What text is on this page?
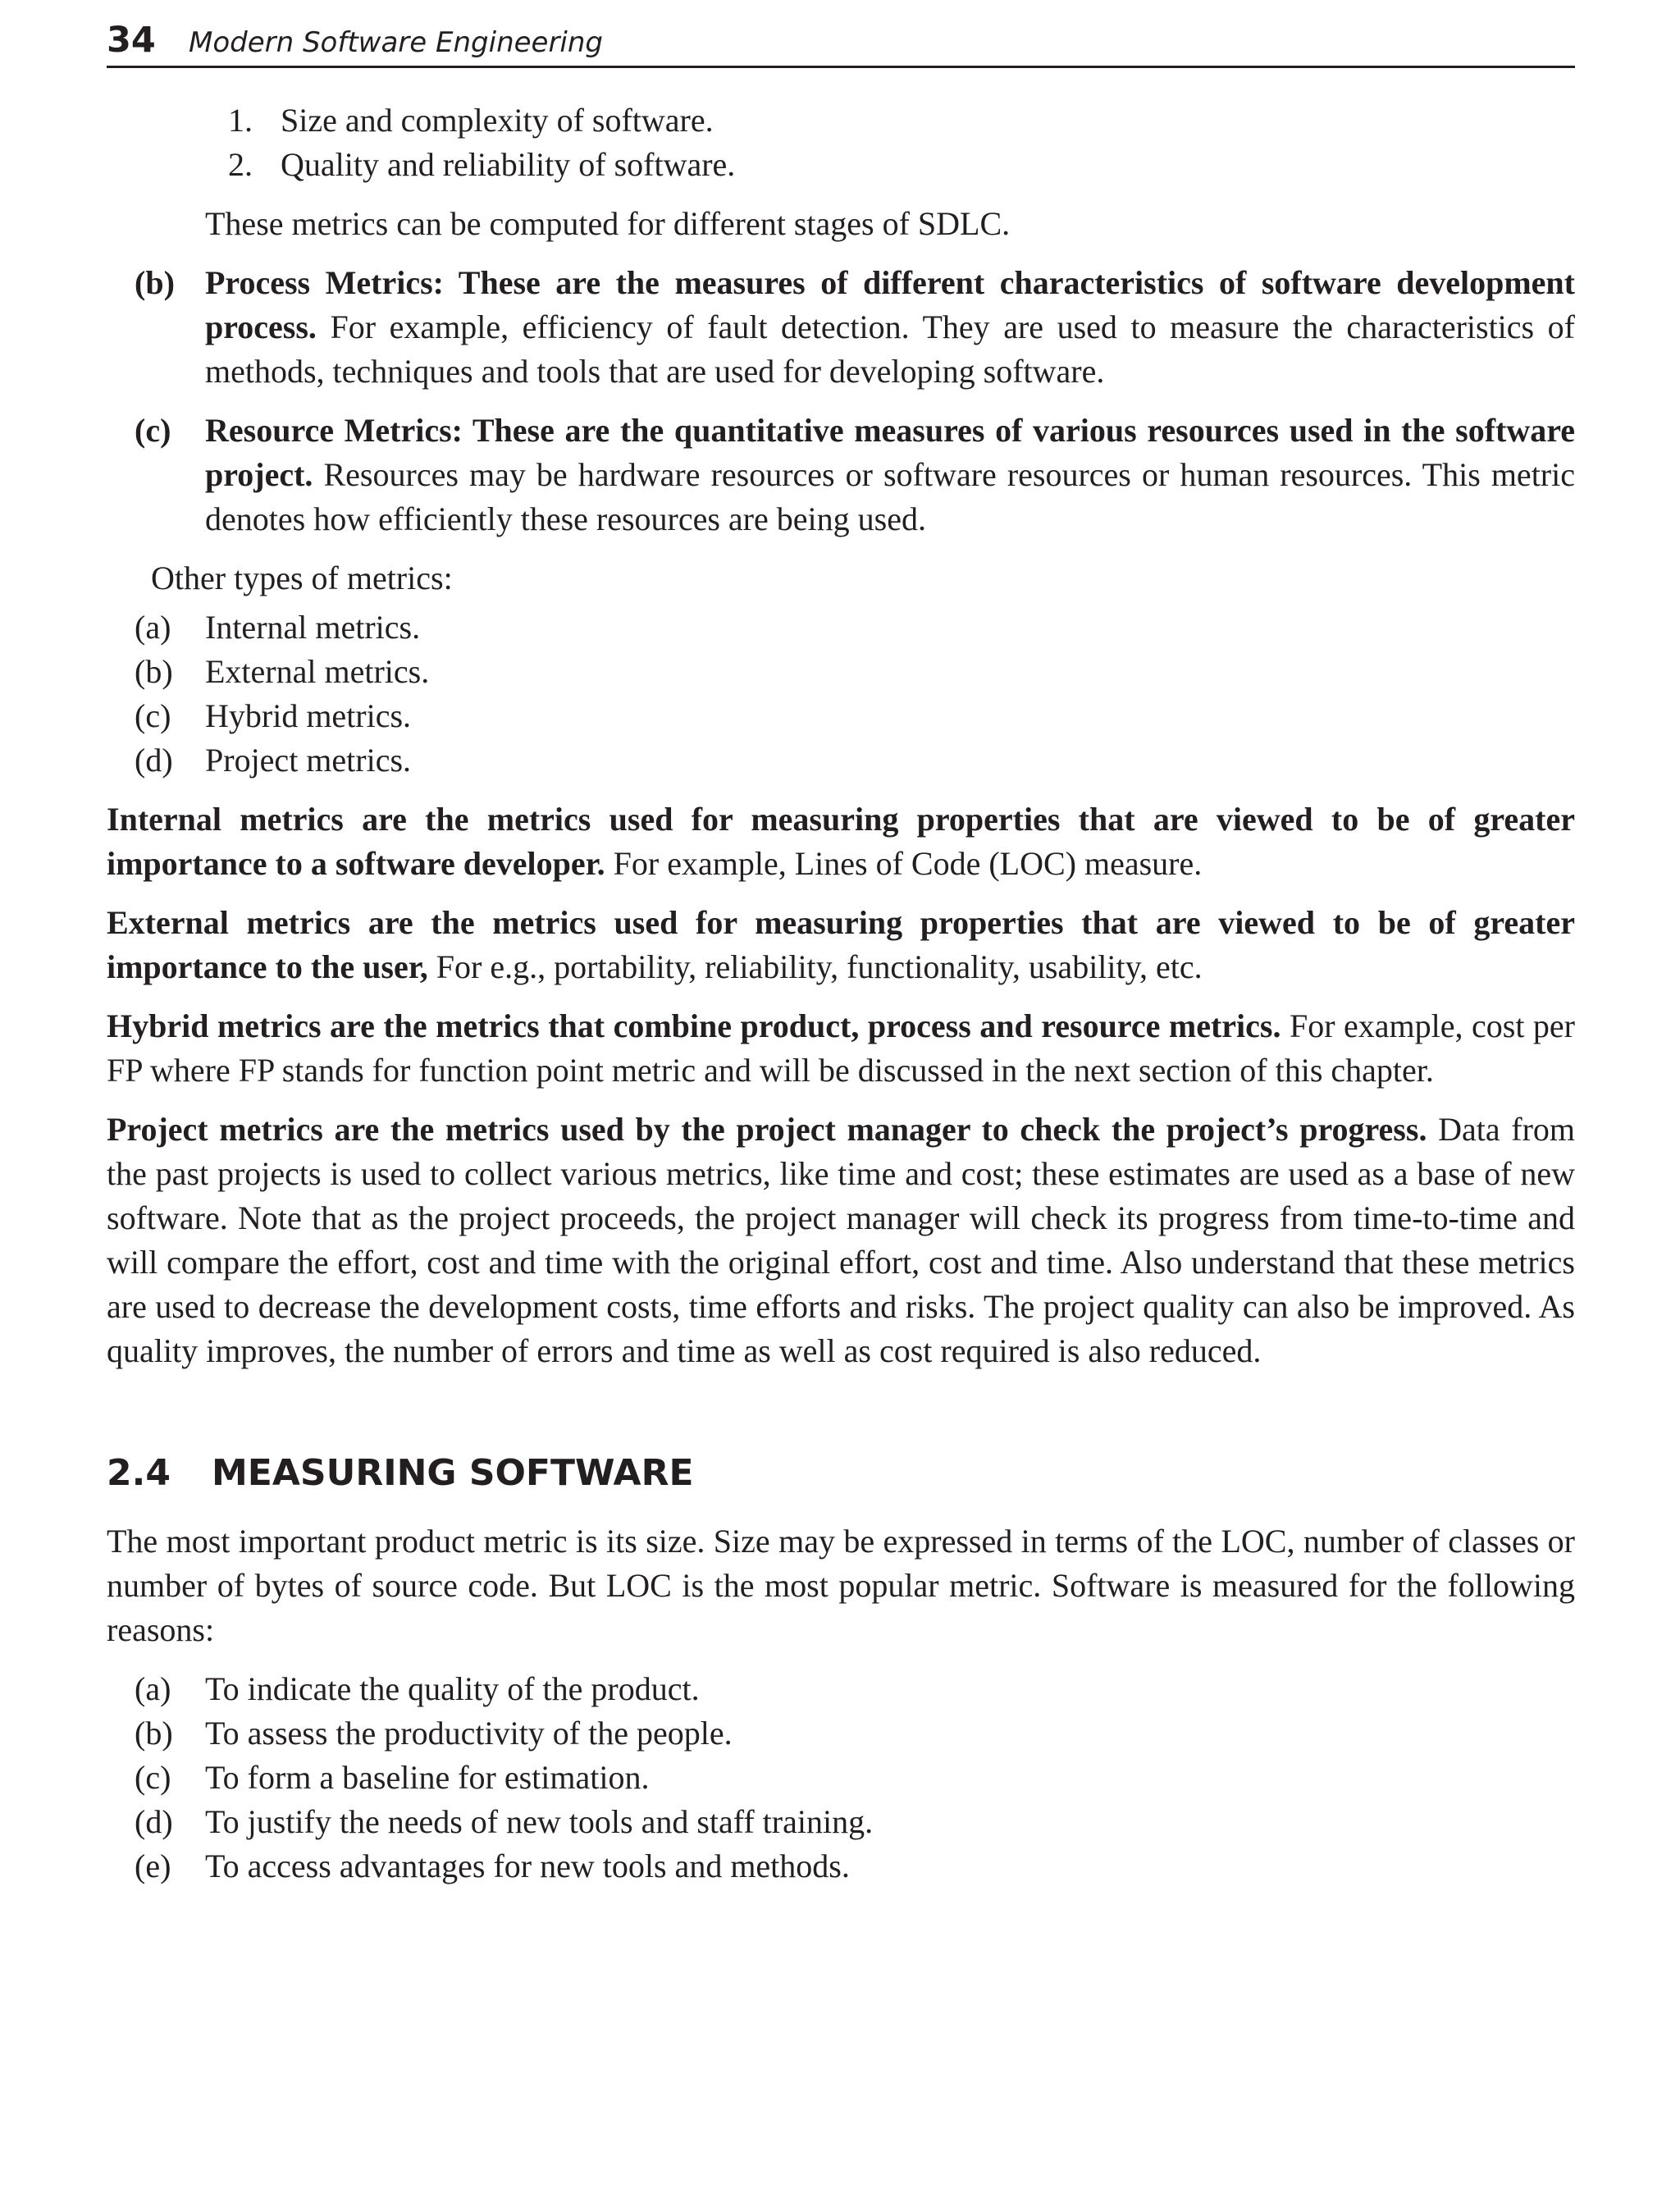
34 Modern Software Engineering
1. Size and complexity of software.
2. Quality and reliability of software.

These metrics can be computed for different stages of SDLC.

(b) Process Metrics: These are the measures of different characteristics of software development process. For example, efficiency of fault detection. They are used to measure the characteristics of methods, techniques and tools that are used for developing software.
(c) Resource Metrics: These are the quantitative measures of various resources used in the software project. Resources may be hardware resources or software resources or human resources. This metric denotes how efficiently these resources are being used.

Other types of metrics:

(a) Internal metrics.
(b) External metrics.
(c) Hybrid metrics.
(d) Project metrics.

Internal metrics are the metrics used for measuring properties that are viewed to be of greater importance to a software developer. For example, Lines of Code (LOC) measure.

External metrics are the metrics used for measuring properties that are viewed to be of greater importance to the user, For e.g., portability, reliability, functionality, usability, etc.

Hybrid metrics are the metrics that combine product, process and resource metrics. For example, cost per FP where FP stands for function point metric and will be discussed in the next section of this chapter.

Project metrics are the metrics used by the project manager to check the project’s progress. Data from the past projects is used to collect various metrics, like time and cost; these estimates are used as a base of new software. Note that as the project proceeds, the project manager will check its progress from time-to-time and will compare the effort, cost and time with the original effort, cost and time. Also understand that these metrics are used to decrease the development costs, time efforts and risks. The project quality can also be improved. As quality improves, the number of errors and time as well as cost required is also reduced.

2.4 MEASURING SOFTWARE

The most important product metric is its size. Size may be expressed in terms of the LOC, number of classes or number of bytes of source code. But LOC is the most popular metric. Software is measured for the following reasons:

(a) To indicate the quality of the product.
(b) To assess the productivity of the people.
(c) To form a baseline for estimation.
(d) To justify the needs of new tools and staff training.
(e) To access advantages for new tools and methods.
